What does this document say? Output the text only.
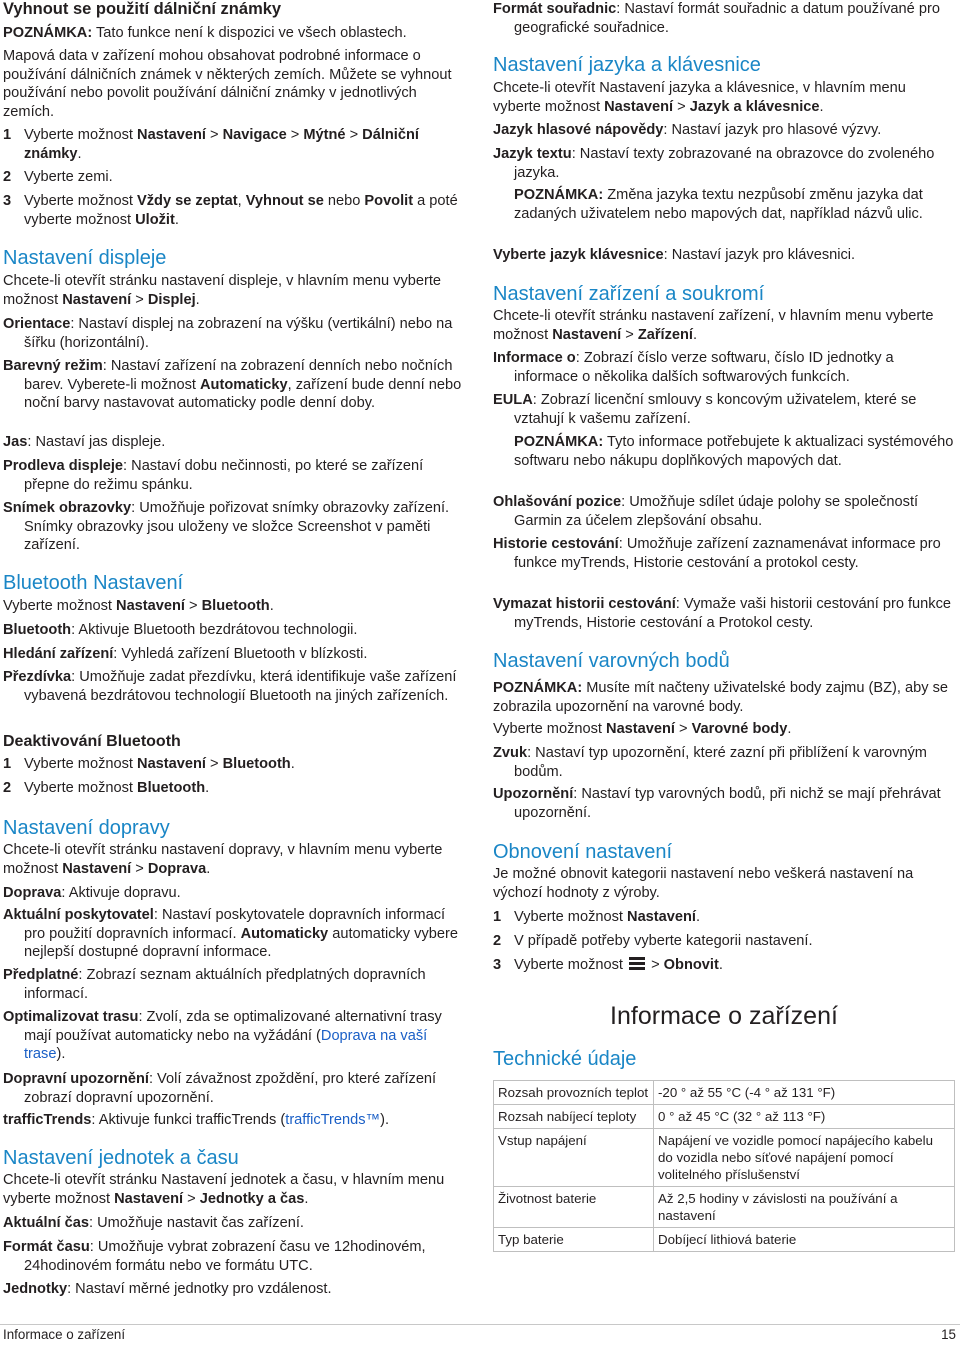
Vyhnout se použití dálniční známky
POZNÁMKA: Tato funkce není k dispozici ve všech oblastech.
Mapová data v zařízení mohou obsahovat podrobné informace o používání dálničních známek v některých zemích. Můžete se vyhnout používání nebo povolit používání dálniční známky v jednotlivých zemích.
1 Vyberte možnost Nastavení > Navigace > Mýtné > Dálniční známky.
2 Vyberte zemi.
3 Vyberte možnost Vždy se zeptat, Vyhnout se nebo Povolit a poté vyberte možnost Uložit.
Nastavení displeje
Chcete-li otevřít stránku nastavení displeje, v hlavním menu vyberte možnost Nastavení > Displej.
Orientace: Nastaví displej na zobrazení na výšku (vertikální) nebo na šířku (horizontální).
Barevný režim: Nastaví zařízení na zobrazení denních nebo nočních barev. Vyberete-li možnost Automaticky, zařízení bude denní nebo noční barvy nastavovat automaticky podle denní doby.
Jas: Nastaví jas displeje.
Prodleva displeje: Nastaví dobu nečinnosti, po které se zařízení přepne do režimu spánku.
Snímek obrazovky: Umožňuje pořizovat snímky obrazovky zařízení. Snímky obrazovky jsou uloženy ve složce Screenshot v paměti zařízení.
Bluetooth Nastavení
Vyberte možnost Nastavení > Bluetooth.
Bluetooth: Aktivuje Bluetooth bezdrátovou technologii.
Hledání zařízení: Vyhledá zařízení Bluetooth v blízkosti.
Přezdívka: Umožňuje zadat přezdívku, která identifikuje vaše zařízení vybavená bezdrátovou technologií Bluetooth na jiných zařízeních.
Deaktivování Bluetooth
1 Vyberte možnost Nastavení > Bluetooth.
2 Vyberte možnost Bluetooth.
Nastavení dopravy
Chcete-li otevřít stránku nastavení dopravy, v hlavním menu vyberte možnost Nastavení > Doprava.
Doprava: Aktivuje dopravu.
Aktuální poskytovatel: Nastaví poskytovatele dopravních informací pro použití dopravních informací. Automaticky automaticky vybere nejlepší dostupné dopravní informace.
Předplatné: Zobrazí seznam aktuálních předplatných dopravních informací.
Optimalizovat trasu: Zvolí, zda se optimalizované alternativní trasy mají používat automaticky nebo na vyžádání (Doprava na vaší trase).
Dopravní upozornění: Volí závažnost zpoždění, pro které zařízení zobrazí dopravní upozornění.
trafficTrends: Aktivuje funkci trafficTrends (trafficTrends™).
Nastavení jednotek a času
Chcete-li otevřít stránku Nastavení jednotek a času, v hlavním menu vyberte možnost Nastavení > Jednotky a čas.
Aktuální čas: Umožňuje nastavit čas zařízení.
Formát času: Umožňuje vybrat zobrazení času ve 12hodinovém, 24hodinovém formátu nebo ve formátu UTC.
Jednotky: Nastaví měrné jednotky pro vzdálenost.
Formát souřadnic: Nastaví formát souřadnic a datum používané pro geografické souřadnice.
Nastavení jazyka a klávesnice
Chcete-li otevřít Nastavení jazyka a klávesnice, v hlavním menu vyberte možnost Nastavení > Jazyk a klávesnice.
Jazyk hlasové nápovědy: Nastaví jazyk pro hlasové výzvy.
Jazyk textu: Nastaví texty zobrazované na obrazovce do zvoleného jazyka.
POZNÁMKA: Změna jazyka textu nezpůsobí změnu jazyka dat zadaných uživatelem nebo mapových dat, například názvů ulic.
Vyberte jazyk klávesnice: Nastaví jazyk pro klávesnici.
Nastavení zařízení a soukromí
Chcete-li otevřít stránku nastavení zařízení, v hlavním menu vyberte možnost Nastavení > Zařízení.
Informace o: Zobrazí číslo verze softwaru, číslo ID jednotky a informace o několika dalších softwarových funkcích.
EULA: Zobrazí licenční smlouvy s koncovým uživatelem, které se vztahují k vašemu zařízení.
POZNÁMKA: Tyto informace potřebujete k aktualizaci systémového softwaru nebo nákupu doplňkových mapových dat.
Ohlašování pozice: Umožňuje sdílet údaje polohy se společností Garmin za účelem zlepšování obsahu.
Historie cestování: Umožňuje zařízení zaznamenávat informace pro funkce myTrends, Historie cestování a protokol cesty.
Vymazat historii cestování: Vymaže vaši historii cestování pro funkce myTrends, Historie cestování a Protokol cesty.
Nastavení varovných bodů
POZNÁMKA: Musíte mít načteny uživatelské body zajmu (BZ), aby se zobrazila upozornění na varovné body.
Vyberte možnost Nastavení > Varovné body.
Zvuk: Nastaví typ upozornění, které zazní při přiblížení k varovným bodům.
Upozornění: Nastaví typ varovných bodů, při nichž se mají přehrávat upozornění.
Obnovení nastavení
Je možné obnovit kategorii nastavení nebo veškerá nastavení na výchozí hodnoty z výroby.
1 Vyberte možnost Nastavení.
2 V případě potřeby vyberte kategorii nastavení.
3 Vyberte možnost
> Obnovit.
Informace o zařízení
Technické údaje
Rozsah provozních teplot	-20 ° až 55 °C (-4 ° až 131 °F)
Rozsah nabíjecí teploty	0 ° až 45 °C (32 ° až 113 °F)
Vstup napájení	Napájení ve vozidle pomocí napájecího kabelu do vozidla nebo síťové napájení pomocí volitelného příslušenství
Životnost baterie	Až 2,5 hodiny v závislosti na používání a nastavení
Typ baterie	Dobíjecí lithiová baterie
Informace o zařízení	15
